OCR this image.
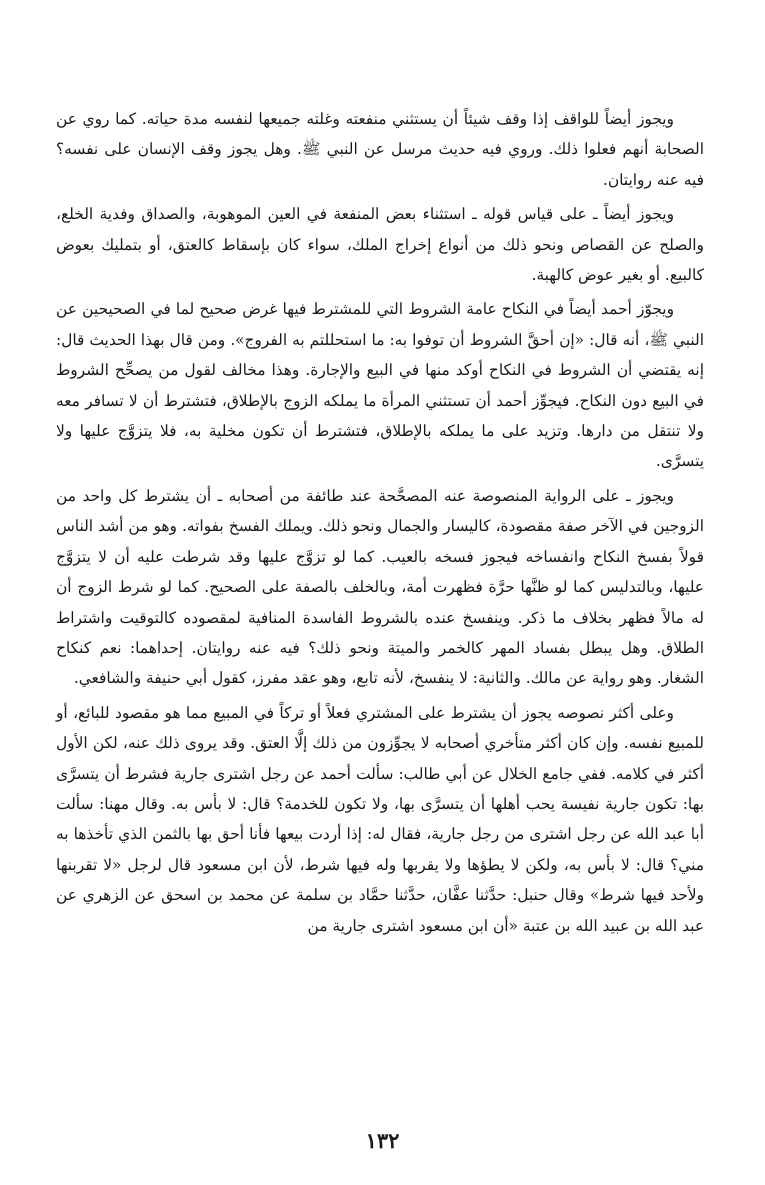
ويجوز أيضاً للواقف إذا وقف شيئاً أن يستثني منفعته وغلته جميعها لنفسه مدة حياته. كما روي عن الصحابة أنهم فعلوا ذلك. وروي فيه حديث مرسل عن النبي ﷺ. وهل يجوز وقف الإنسان على نفسه؟ فيه عنه روايتان.

ويجوز أيضاً ـ على قياس قوله ـ استثناء بعض المنفعة في العين الموهوبة، والصداق وفدية الخلع، والصلح عن القصاص ونحو ذلك من أنواع إخراج الملك، سواء كان بإسقاط كالعتق، أو بتمليك بعوض كالبيع. أو بغير عوض كالهبة.

ويجوّز أحمد أيضاً في النكاح عامة الشروط التي للمشترط فيها غرض صحيح لما في الصحيحين عن النبي ﷺ، أنه قال: «إن أحقَّ الشروط أن توفوا به: ما استحللتم به الفروج». ومن قال بهذا الحديث قال: إنه يقتضي أن الشروط في النكاح أوكد منها في البيع والإجارة. وهذا مخالف لقول من يصحِّح الشروط في البيع دون النكاح. فيجوِّز أحمد أن تستثني المرأة ما يملكه الزوج بالإطلاق، فتشترط أن لا تسافر معه ولا تنتقل من دارها. وتزيد على ما يملكه بالإطلاق، فتشترط أن تكون مخلية به، فلا يتزوَّج عليها ولا يتسرَّى.

ويجوز ـ على الرواية المنصوصة عنه المصحَّحة عند طائفة من أصحابه ـ أن يشترط كل واحد من الزوجين في الآخر صفة مقصودة، كاليسار والجمال ونحو ذلك. ويملك الفسخ بفواته. وهو من أشد الناس قولاً بفسخ النكاح وانفساخه فيجوز فسخه بالعيب. كما لو تزوَّج عليها وقد شرطت عليه أن لا يتزوَّج عليها، وبالتدليس كما لو ظنَّها حرَّة فظهرت أمة، وبالخلف بالصفة على الصحيح. كما لو شرط الزوج أن له مالاً فظهر بخلاف ما ذكر. وينفسخ عنده بالشروط الفاسدة المنافية لمقصوده كالتوقيت واشتراط الطلاق. وهل يبطل بفساد المهر كالخمر والميتة ونحو ذلك؟ فيه عنه روايتان. إحداهما: نعم كنكاح الشغار. وهو رواية عن مالك. والثانية: لا ينفسخ، لأنه تابع، وهو عقد مفرز، كقول أبي حنيفة والشافعي.

وعلى أكثر نصوصه يجوز أن يشترط على المشتري فعلاً أو تركاً في المبيع مما هو مقصود للبائع، أو للمبيع نفسه. وإن كان أكثر متأخري أصحابه لا يجوِّزون من ذلك إلَّا العتق. وقد يروى ذلك عنه، لكن الأول أكثر في كلامه. ففي جامع الخلال عن أبي طالب: سألت أحمد عن رجل اشترى جارية فشرط أن يتسرَّى بها: تكون جارية نفيسة يحب أهلها أن يتسرَّى بها، ولا تكون للخدمة؟ قال: لا بأس به. وقال مهنا: سألت أبا عبد الله عن رجل اشترى من رجل جارية، فقال له: إذا أردت بيعها فأنا أحق بها بالثمن الذي تأخذها به مني؟ قال: لا بأس به، ولكن لا يطؤها ولا يقربها وله فيها شرط، لأن ابن مسعود قال لرجل «لا تقربنها ولأحد فيها شرط» وقال حنبل: حدَّثنا عفَّان، حدَّثنا حمَّاد بن سلمة عن محمد بن اسحق عن الزهري عن عبد الله بن عبيد الله بن عتبة «أن ابن مسعود اشترى جارية من

١٣٢
